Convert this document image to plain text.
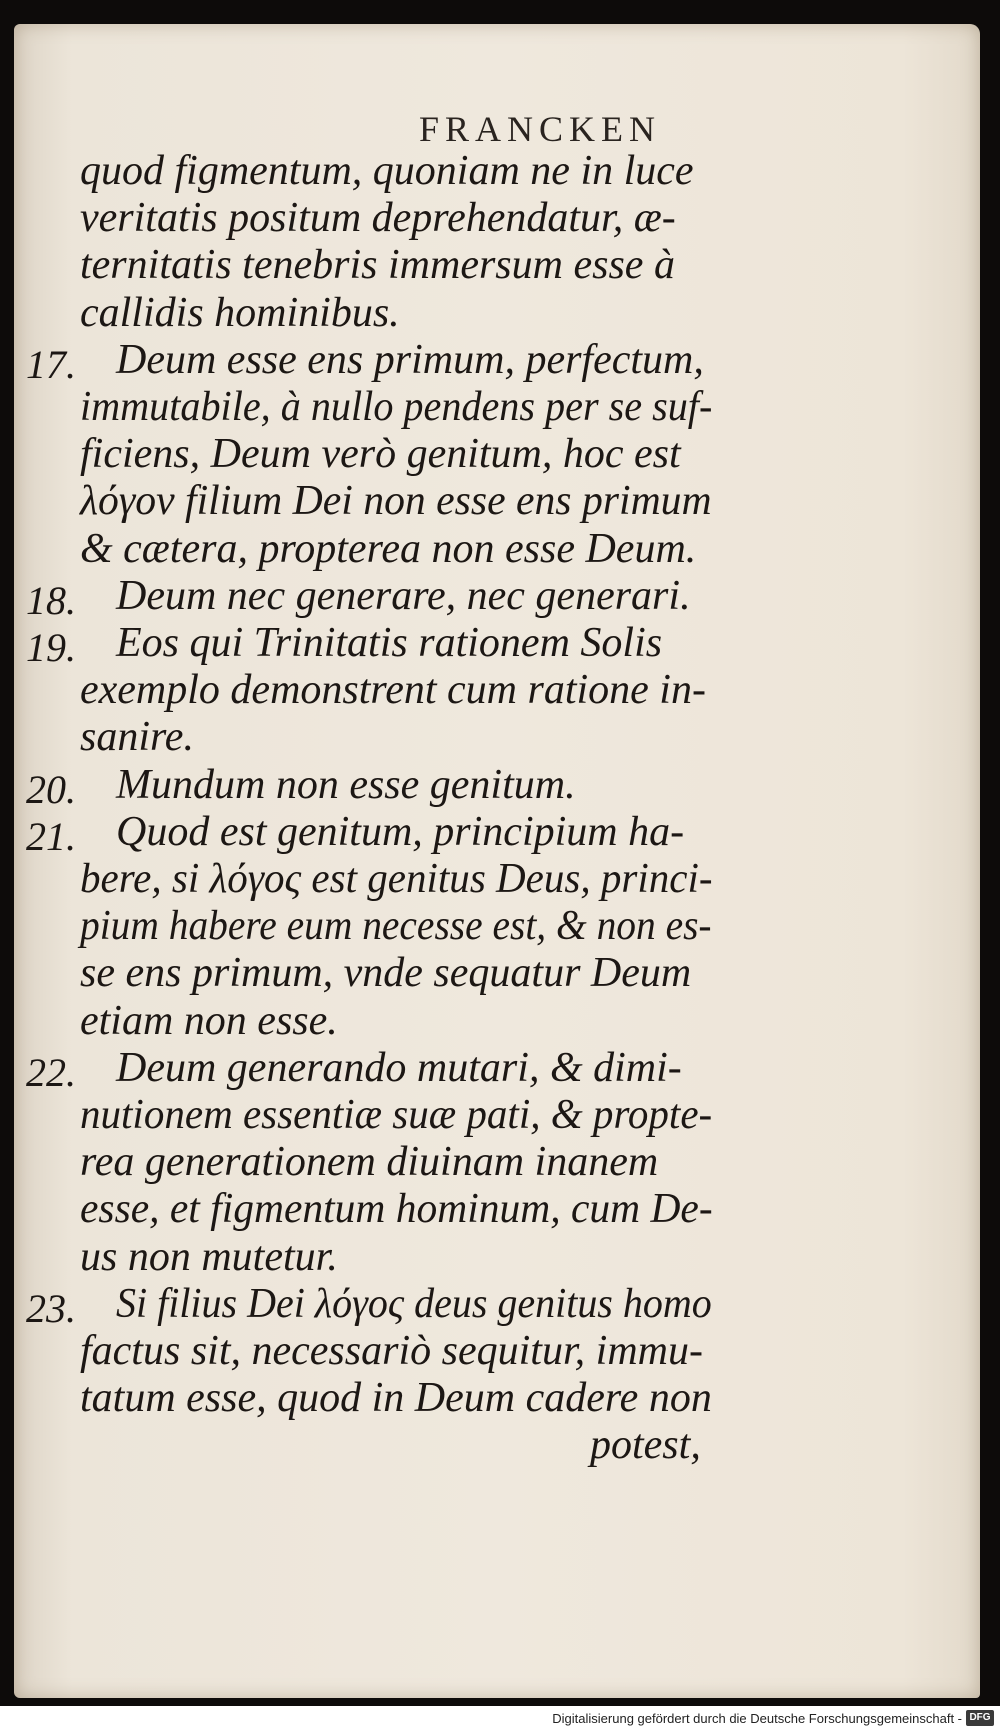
FRANCKEN
quod figmentum, quoniam ne in luce
veritatis positum deprehendatur, æ-
ternitatis tenebris immersum esse à
callidis hominibus.
17. Deum esse ens primum, perfectum,
immutabile, à nullo pendens per se suf-
ficiens, Deum verò genitum, hoc est
λόγον filium Dei non esse ens primum
& cætera, propterea non esse Deum.
18. Deum nec generare, nec generari.
19. Eos qui Trinitatis rationem Solis
exemplo demonstrent cum ratione in-
sanire.
20. Mundum non esse genitum.
21. Quod est genitum, principium ha-
bere, si λόγος est genitus Deus, princi-
pium habere eum necesse est, & non es-
se ens primum, vnde sequatur Deum
etiam non esse.
22. Deum generando mutari, & dimi-
nutionem essentiæ suæ pati, & propte-
rea generationem diuinam inanem
esse, et figmentum hominum, cum De-
us non mutetur.
23. Si filius Dei λόγος deus genitus homo
factus sit, necessariò sequitur, immu-
tatum esse, quod in Deum cadere non
potest,
Digitalisierung gefördert durch die Deutsche Forschungsgemeinschaft - DFG
